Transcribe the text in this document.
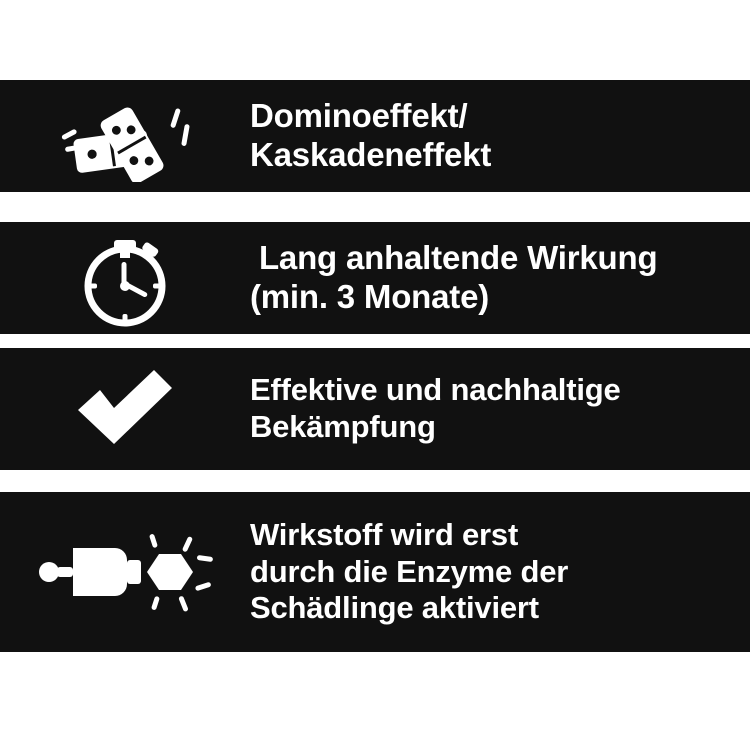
Dominoeffekt/
Kaskadeneffekt
Lang anhaltende Wirkung
(min. 3 Monate)
Effektive und nachhaltige
Bekämpfung
Wirkstoff wird erst
durch die Enzyme der
Schädlinge aktiviert
